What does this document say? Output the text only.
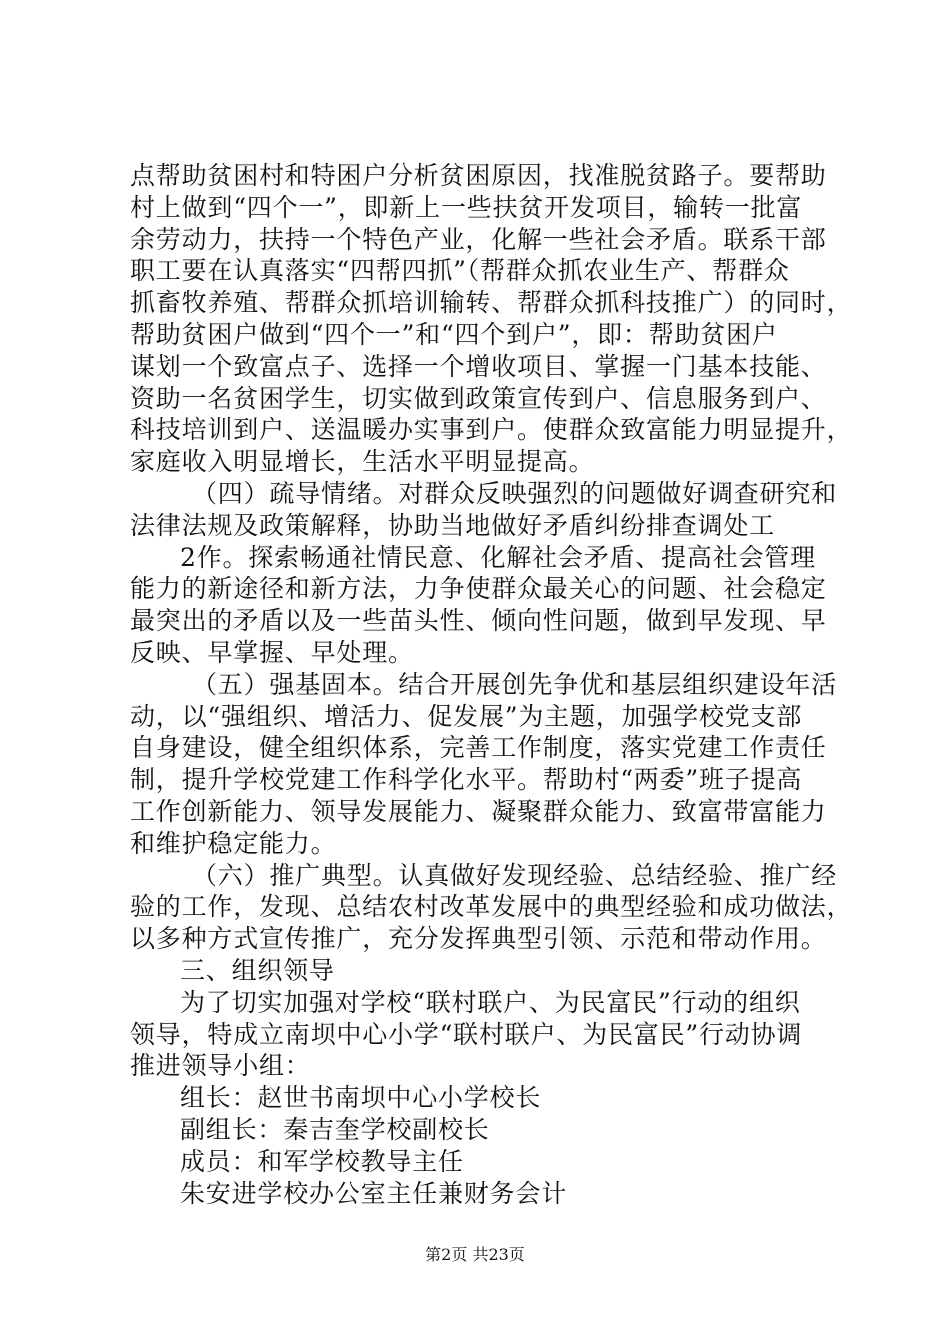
点帮助贫困村和特困户分析贫困原因，找准脱贫路子。要帮助
村上做到“四个一”，即新上一些扶贫开发项目，输转一批富
余劳动力，扶持一个特色产业，化解一些社会矛盾。联系干部
职工要在认真落实“四帮四抓”（帮群众抓农业生产、帮群众
抓畜牧养殖、帮群众抓培训输转、帮群众抓科技推广）的同时，
帮助贫困户做到“四个一”和“四个到户”，即：帮助贫困户
谋划一个致富点子、选择一个增收项目、掌握一门基本技能、
资助一名贫困学生，切实做到政策宣传到户、信息服务到户、
科技培训到户、送温暖办实事到户。使群众致富能力明显提升，
家庭收入明显增长，生活水平明显提高。
（四）疏导情绪。对群众反映强烈的问题做好调查研究和
法律法规及政策解释，协助当地做好矛盾纠纷排查调处工
2作。探索畅通社情民意、化解社会矛盾、提高社会管理
能力的新途径和新方法，力争使群众最关心的问题、社会稳定
最突出的矛盾以及一些苗头性、倾向性问题，做到早发现、早
反映、早掌握、早处理。
（五）强基固本。结合开展创先争优和基层组织建设年活
动，以“强组织、增活力、促发展”为主题，加强学校党支部
自身建设，健全组织体系，完善工作制度，落实党建工作责任
制，提升学校党建工作科学化水平。帮助村“两委”班子提高
工作创新能力、领导发展能力、凝聚群众能力、致富带富能力
和维护稳定能力。
（六）推广典型。认真做好发现经验、总结经验、推广经
验的工作，发现、总结农村改革发展中的典型经验和成功做法，
以多种方式宣传推广，充分发挥典型引领、示范和带动作用。
三、组织领导
为了切实加强对学校“联村联户、为民富民”行动的组织
领导，特成立南坝中心小学“联村联户、为民富民”行动协调
推进领导小组：
组长：赵世书南坝中心小学校长
副组长：秦吉奎学校副校长
成员：和军学校教导主任
朱安进学校办公室主任兼财务会计
第2页 共23页
